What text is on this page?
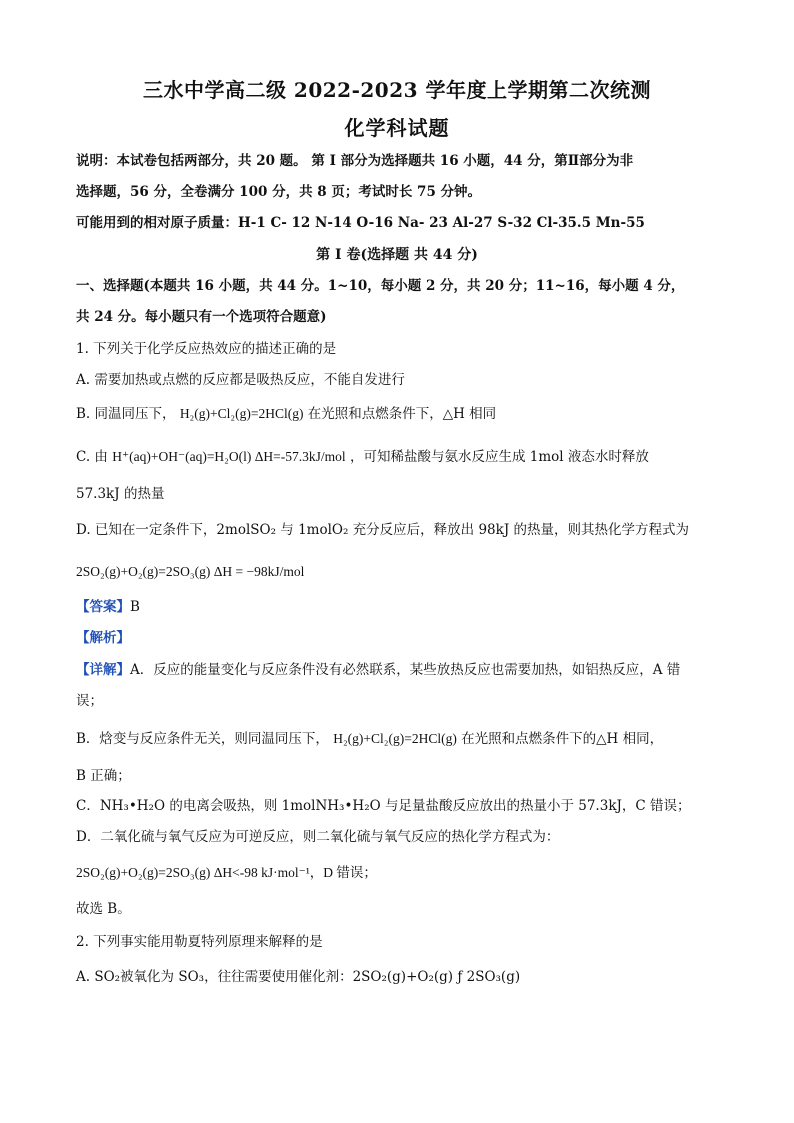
三水中学高二级 2022-2023 学年度上学期第二次统测
化学科试题
说明：本试卷包括两部分，共 20 题。 第 I 部分为选择题共 16 小题，44 分，第Ⅱ部分为非
选择题，56 分，全卷满分 100 分，共 8 页；考试时长 75 分钟。
可能用到的相对原子质量：H-1 C- 12 N-14 O-16 Na- 23 Al-27 S-32 Cl-35.5 Mn-55
第 I 卷(选择题 共 44 分)
一、选择题(本题共 16 小题，共 44 分。1~10，每小题 2 分，共 20 分；11~16，每小题 4 分，
共 24 分。每小题只有一个选项符合题意)
1. 下列关于化学反应热效应的描述正确的是
A. 需要加热或点燃的反应都是吸热反应，不能自发进行
B. 同温同压下， H₂(g)+Cl₂(g)=2HCl(g) 在光照和点燃条件下，△H 相同
C. 由 H⁺(aq)+OH⁻(aq)=H₂O(l) ΔH=-57.3kJ/mol ，可知稀盐酸与氨水反应生成 1mol 液态水时释放
57.3kJ 的热量
D. 已知在一定条件下，2molSO₂ 与 1molO₂ 充分反应后，释放出 98kJ 的热量，则其热化学方程式为
2SO₂(g)+O₂(g)=2SO₃(g) ΔH = −98kJ/mol
【答案】B
【解析】
【详解】A．反应的能量变化与反应条件没有必然联系，某些放热反应也需要加热，如铝热反应，A 错
误；
B．焓变与反应条件无关，则同温同压下， H₂(g)+Cl₂(g)=2HCl(g) 在光照和点燃条件下的△H 相同，
B 正确；
C．NH₃•H₂O 的电离会吸热，则 1molNH₃•H₂O 与足量盐酸反应放出的热量小于 57.3kJ，C 错误；
D．二氧化硫与氧气反应为可逆反应，则二氧化硫与氧气反应的热化学方程式为：
2SO₂(g)+O₂(g)=2SO₃(g) ΔH<-98 kJ·mol⁻¹，D 错误；
故选 B。
2. 下列事实能用勒夏特列原理来解释的是
A. SO₂被氧化为 SO₃，往往需要使用催化剂：2SO₂(g)+O₂(g) ƒ 2SO₃(g)
